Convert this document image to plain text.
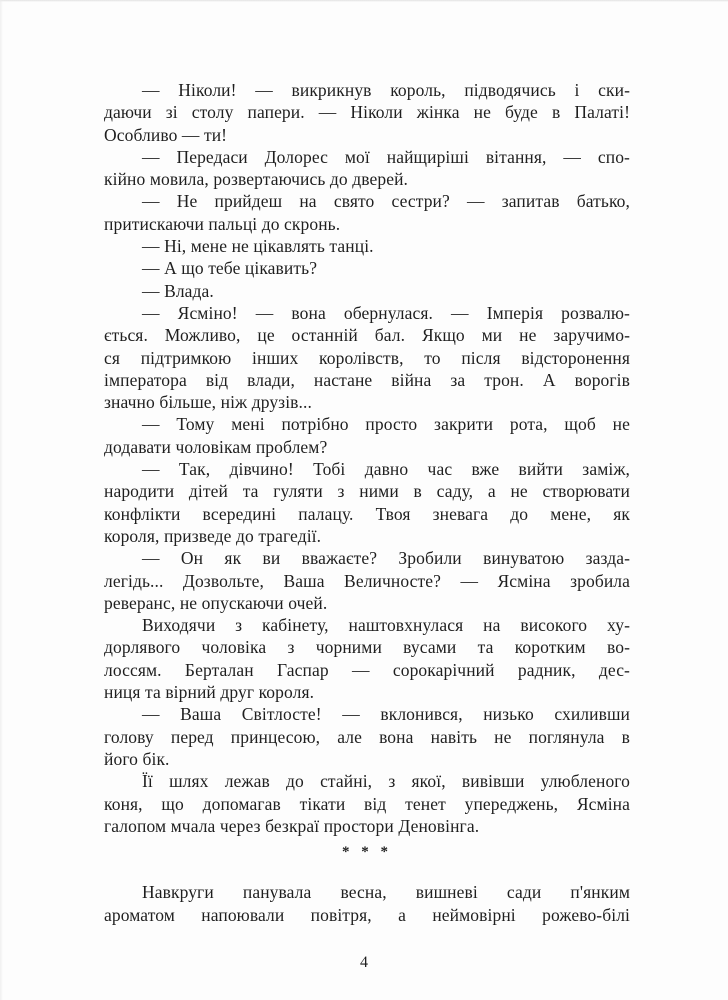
— Ніколи! — викрикнув король, підводячись і ски-
даючи зі столу папери. — Ніколи жінка не буде в Палаті!
Особливо — ти!

— Передаси Долорес мої найщиріші вітання, — спо-
кійно мовила, розвертаючись до дверей.

— Не прийдеш на свято сестри? — запитав батько,
притискаючи пальці до скронь.

— Ні, мене не цікавлять танці.

— А що тебе цікавить?

— Влада.

— Ясміно! — вона обернулася. — Імперія розвалю-
ється. Можливо, це останній бал. Якщо ми не заручимо-
ся підтримкою інших королівств, то після відсторонення
імператора від влади, настане війна за трон. А ворогів
значно більше, ніж друзів...

— Тому мені потрібно просто закрити рота, щоб не
додавати чоловікам проблем?

— Так, дівчино! Тобі давно час вже вийти заміж,
народити дітей та гуляти з ними в саду, а не створювати
конфлікти всередині палацу. Твоя зневага до мене, як
короля, призведе до трагедії.

— Он як ви вважаєте? Зробили винуватою зазда-
легідь... Дозвольте, Ваша Величносте? — Ясміна зробила
реверанс, не опускаючи очей.

Виходячи з кабінету, наштовхнулася на високого ху-
дорлявого чоловіка з чорними вусами та коротким во-
лоссям. Берталан Гаспар — сорокарічний радник, дес-
ниця та вірний друг короля.

— Ваша Світлосте! — вклонився, низько схиливши
голову перед принцесою, але вона навіть не поглянула в
його бік.

Її шлях лежав до стайні, з якої, вивівши улюбленого
коня, що допомагав тікати від тенет упереджень, Ясміна
галопом мчала через безкраї простори Деновінга.

* * *

Навкруги панувала весна, вишневі сади п'янким
ароматом напоювали повітря, а неймовірні рожево-білі

4
